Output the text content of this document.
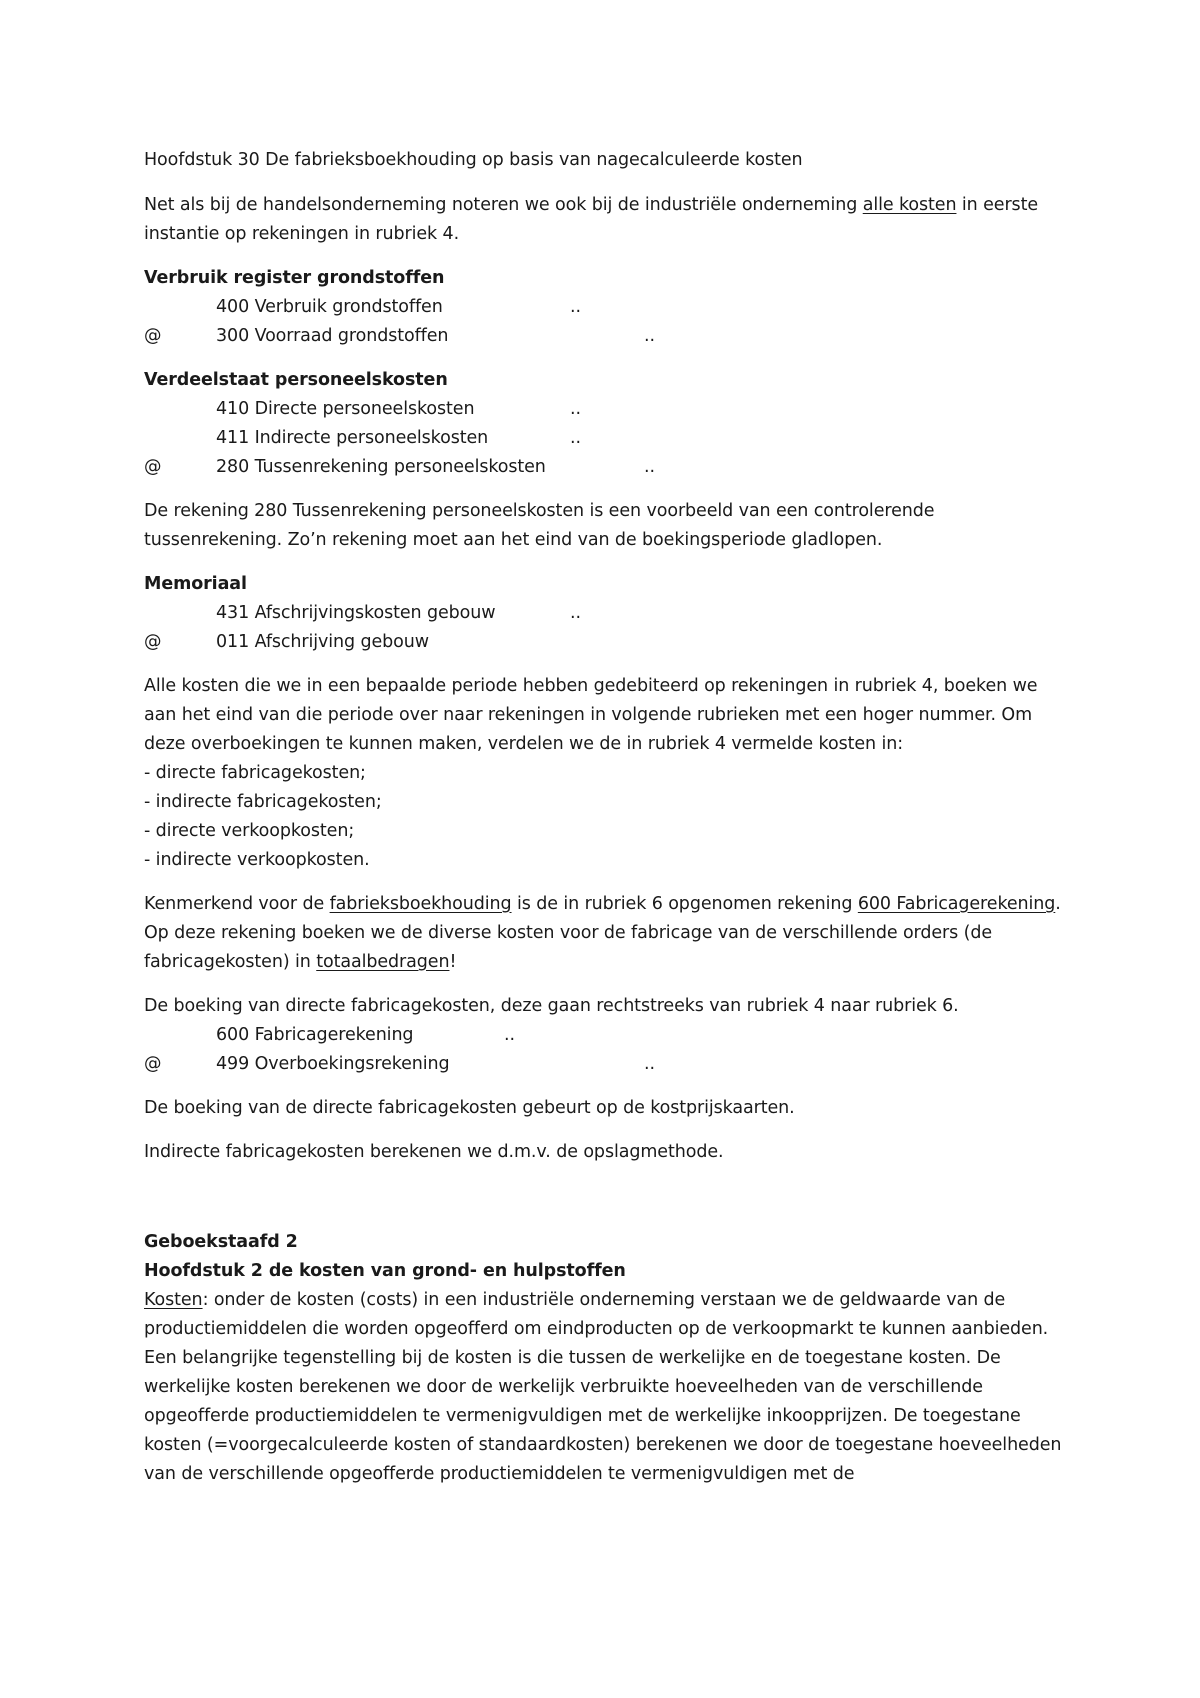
Hoofdstuk 30 De fabrieksboekhouding op basis van nagecalculeerde kosten

Net als bij de handelsonderneming noteren we ook bij de industriële onderneming alle kosten in eerste instantie op rekeningen in rubriek 4.

Verbruik register grondstoffen
400 Verbruik grondstoffen	..
@	300 Voorraad grondstoffen	..
Verdeelstaat personeelskosten
410 Directe personeelskosten	..
411 Indirecte personeelskosten	..
@	280 Tussenrekening personeelskosten	..

De rekening 280 Tussenrekening personeelskosten is een voorbeeld van een controlerende tussenrekening. Zo’n rekening moet aan het eind van de boekingsperiode gladlopen.

Memoriaal
431 Afschrijvingskosten gebouw	..
@	011 Afschrijving gebouw
Alle kosten die we in een bepaalde periode hebben gedebiteerd op rekeningen in rubriek 4, boeken we aan het eind van die periode over naar rekeningen in volgende rubrieken met een hoger nummer. Om deze overboekingen te kunnen maken, verdelen we de in rubriek 4 vermelde kosten in:
- directe fabricagekosten;
- indirecte fabricagekosten;
- directe verkoopkosten;
- indirecte verkoopkosten.

Kenmerkend voor de fabrieksboekhouding is de in rubriek 6 opgenomen rekening 600 Fabricagerekening. Op deze rekening boeken we de diverse kosten voor de fabricage van de verschillende orders (de fabricagekosten) in totaalbedragen!

De boeking van directe fabricagekosten, deze gaan rechtstreeks van rubriek 4 naar rubriek 6.
600 Fabricagerekening	..
@	499 Overboekingsrekening	..

De boeking van de directe fabricagekosten gebeurt op de kostprijskaarten.

Indirecte fabricagekosten berekenen we d.m.v. de opslagmethode.

Geboekstaafd 2
Hoofdstuk 2 de kosten van grond- en hulpstoffen
Kosten: onder de kosten (costs) in een industriële onderneming verstaan we de geldwaarde van de productiemiddelen die worden opgeofferd om eindproducten op de verkoopmarkt te kunnen aanbieden.
Een belangrijke tegenstelling bij de kosten is die tussen de werkelijke en de toegestane kosten. De werkelijke kosten berekenen we door de werkelijk verbruikte hoeveelheden van de verschillende opgeofferde productiemiddelen te vermenigvuldigen met de werkelijke inkoopprijzen. De toegestane kosten (=voorgecalculeerde kosten of standaardkosten) berekenen we door de toegestane hoeveelheden van de verschillende opgeofferde productiemiddelen te vermenigvuldigen met de
